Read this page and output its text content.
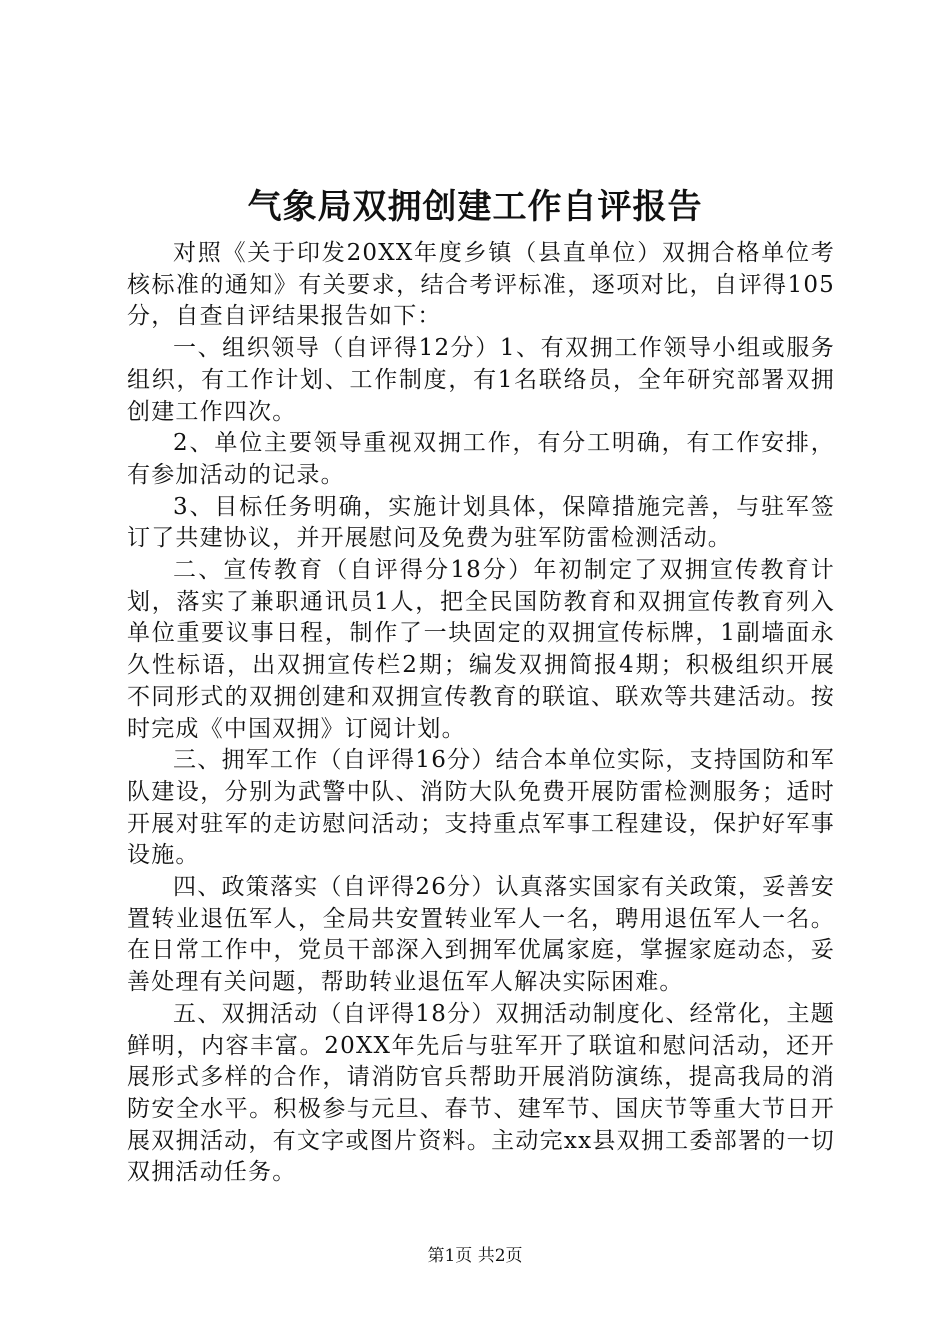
气象局双拥创建工作自评报告

对照《关于印发20XX年度乡镇（县直单位）双拥合格单位考核标准的通知》有关要求，结合考评标准，逐项对比，自评得105分，自查自评结果报告如下：

一、组织领导（自评得12分）1、有双拥工作领导小组或服务组织，有工作计划、工作制度，有1名联络员，全年研究部署双拥创建工作四次。

2、单位主要领导重视双拥工作，有分工明确，有工作安排，有参加活动的记录。

3、目标任务明确，实施计划具体，保障措施完善，与驻军签订了共建协议，并开展慰问及免费为驻军防雷检测活动。

二、宣传教育（自评得分18分）年初制定了双拥宣传教育计划，落实了兼职通讯员1人，把全民国防教育和双拥宣传教育列入单位重要议事日程，制作了一块固定的双拥宣传标牌，1副墙面永久性标语，出双拥宣传栏2期；编发双拥简报4期；积极组织开展不同形式的双拥创建和双拥宣传教育的联谊、联欢等共建活动。按时完成《中国双拥》订阅计划。

三、拥军工作（自评得16分）结合本单位实际，支持国防和军队建设，分别为武警中队、消防大队免费开展防雷检测服务；适时开展对驻军的走访慰问活动；支持重点军事工程建设，保护好军事设施。

四、政策落实（自评得26分）认真落实国家有关政策，妥善安置转业退伍军人，全局共安置转业军人一名，聘用退伍军人一名。在日常工作中，党员干部深入到拥军优属家庭，掌握家庭动态，妥善处理有关问题，帮助转业退伍军人解决实际困难。

五、双拥活动（自评得18分）双拥活动制度化、经常化，主题鲜明，内容丰富。20XX年先后与驻军开了联谊和慰问活动，还开展形式多样的合作，请消防官兵帮助开展消防演练，提高我局的消防安全水平。积极参与元旦、春节、建军节、国庆节等重大节日开展双拥活动，有文字或图片资料。主动完xx县双拥工委部署的一切双拥活动任务。

第1页 共2页
